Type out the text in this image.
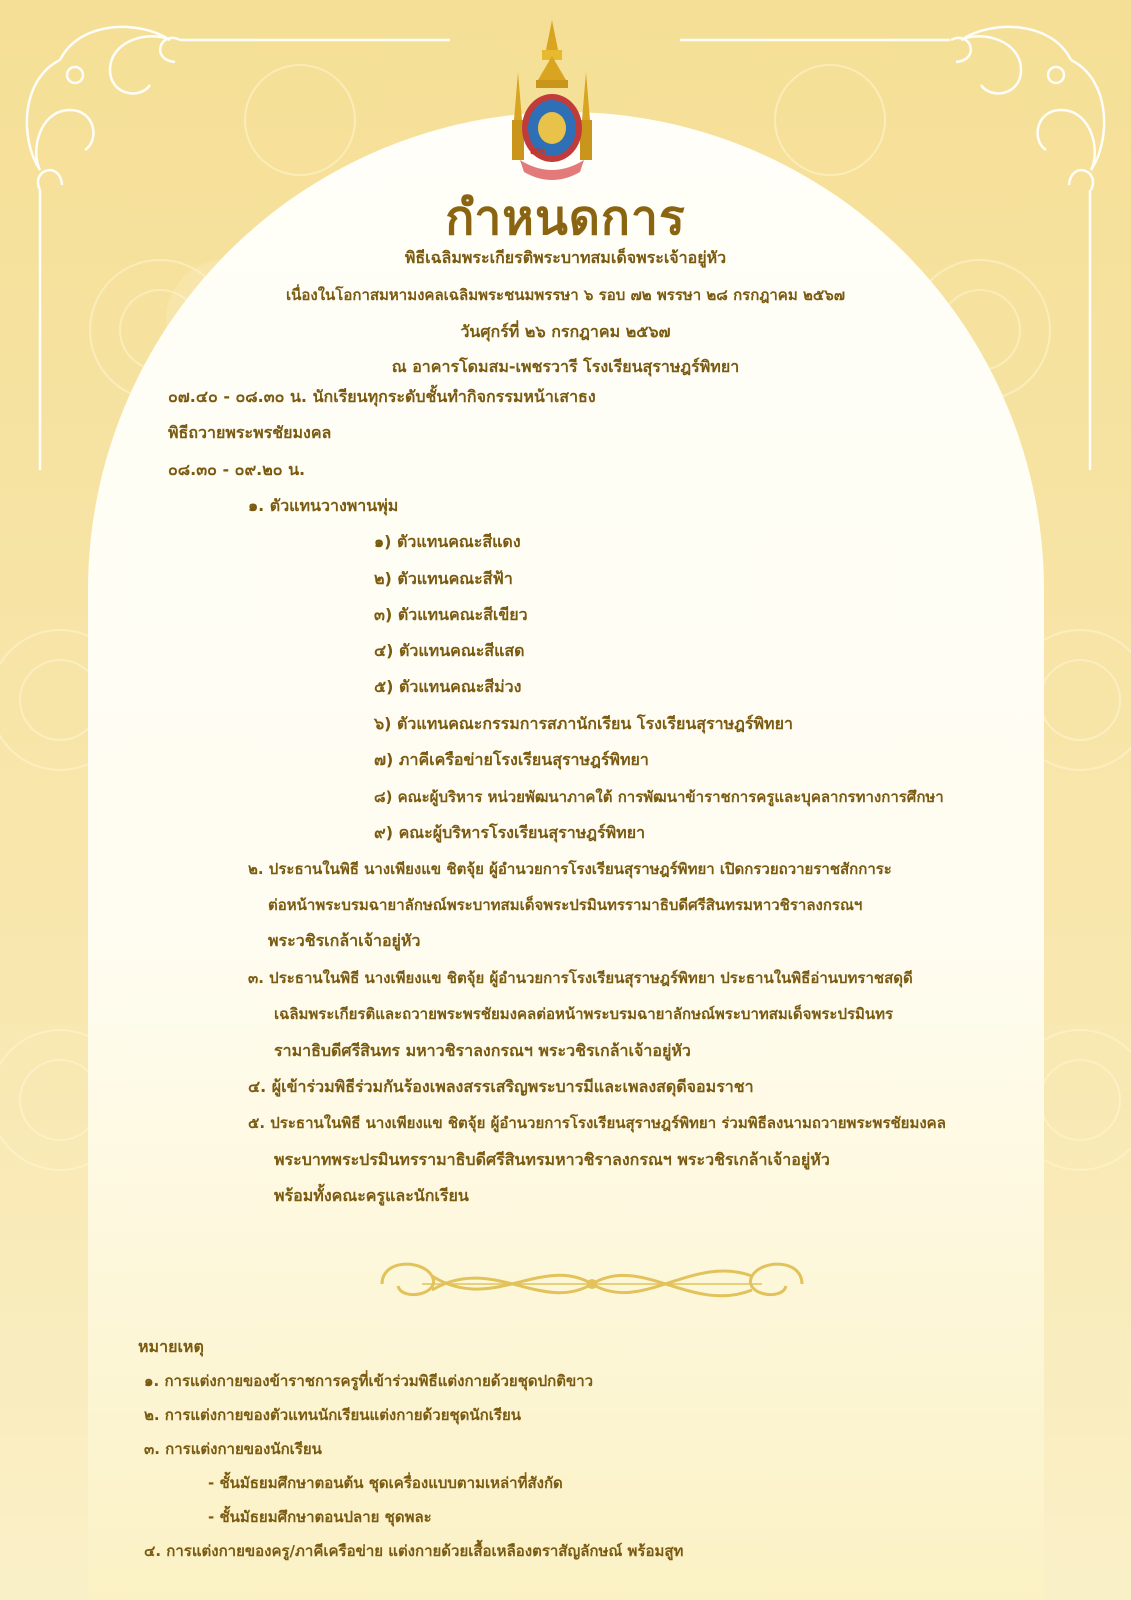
๗๒
กำหนดการ
พิธีเฉลิมพระเกียรติพระบาทสมเด็จพระเจ้าอยู่หัว
เนื่องในโอกาสมหามงคลเฉลิมพระชนมพรรษา ๖ รอบ ๗๒ พรรษา ๒๘ กรกฎาคม ๒๕๖๗
วันศุกร์ที่ ๒๖ กรกฎาคม ๒๕๖๗
ณ อาคารโดมสม-เพชรวารี โรงเรียนสุราษฎร์พิทยา
๐๗.๔๐ - ๐๘.๓๐ น. นักเรียนทุกระดับชั้นทำกิจกรรมหน้าเสาธง
พิธีถวายพระพรชัยมงคล
๐๘.๓๐ - ๐๙.๒๐ น.
๑. ตัวแทนวางพานพุ่ม
๑) ตัวแทนคณะสีแดง
๒) ตัวแทนคณะสีฟ้า
๓) ตัวแทนคณะสีเขียว
๔) ตัวแทนคณะสีแสด
๕) ตัวแทนคณะสีม่วง
๖) ตัวแทนคณะกรรมการสภานักเรียน โรงเรียนสุราษฎร์พิทยา
๗) ภาคีเครือข่ายโรงเรียนสุราษฎร์พิทยา
๘) คณะผู้บริหาร หน่วยพัฒนาภาคใต้ การพัฒนาข้าราชการครูและบุคลากรทางการศึกษา
๙) คณะผู้บริหารโรงเรียนสุราษฎร์พิทยา
๒. ประธานในพิธี นางเพียงแข ชิตจุ้ย ผู้อำนวยการโรงเรียนสุราษฎร์พิทยา เปิดกรวยถวายราชสักการะ
ต่อหน้าพระบรมฉายาลักษณ์พระบาทสมเด็จพระปรมินทรรามาธิบดีศรีสินทรมหาวชิราลงกรณฯ
พระวชิรเกล้าเจ้าอยู่หัว
๓. ประธานในพิธี นางเพียงแข ชิตจุ้ย ผู้อำนวยการโรงเรียนสุราษฎร์พิทยา ประธานในพิธีอ่านบทราชสดุดี
เฉลิมพระเกียรติและถวายพระพรชัยมงคลต่อหน้าพระบรมฉายาลักษณ์พระบาทสมเด็จพระปรมินทร
รามาธิบดีศรีสินทร มหาวชิราลงกรณฯ พระวชิรเกล้าเจ้าอยู่หัว
๔. ผู้เข้าร่วมพิธีร่วมกันร้องเพลงสรรเสริญพระบารมีและเพลงสดุดีจอมราชา
๕. ประธานในพิธี นางเพียงแข ชิตจุ้ย ผู้อำนวยการโรงเรียนสุราษฎร์พิทยา ร่วมพิธีลงนามถวายพระพรชัยมงคล
พระบาทพระปรมินทรรามาธิบดีศรีสินทรมหาวชิราลงกรณฯ พระวชิรเกล้าเจ้าอยู่หัว
พร้อมทั้งคณะครูและนักเรียน
หมายเหตุ
๑. การแต่งกายของข้าราชการครูที่เข้าร่วมพิธีแต่งกายด้วยชุดปกติขาว
๒. การแต่งกายของตัวแทนนักเรียนแต่งกายด้วยชุดนักเรียน
๓. การแต่งกายของนักเรียน
- ชั้นมัธยมศึกษาตอนต้น ชุดเครื่องแบบตามเหล่าที่สังกัด
- ชั้นมัธยมศึกษาตอนปลาย ชุดพละ
๔. การแต่งกายของครู/ภาคีเครือข่าย แต่งกายด้วยเสื้อเหลืองตราสัญลักษณ์ พร้อมสูท
